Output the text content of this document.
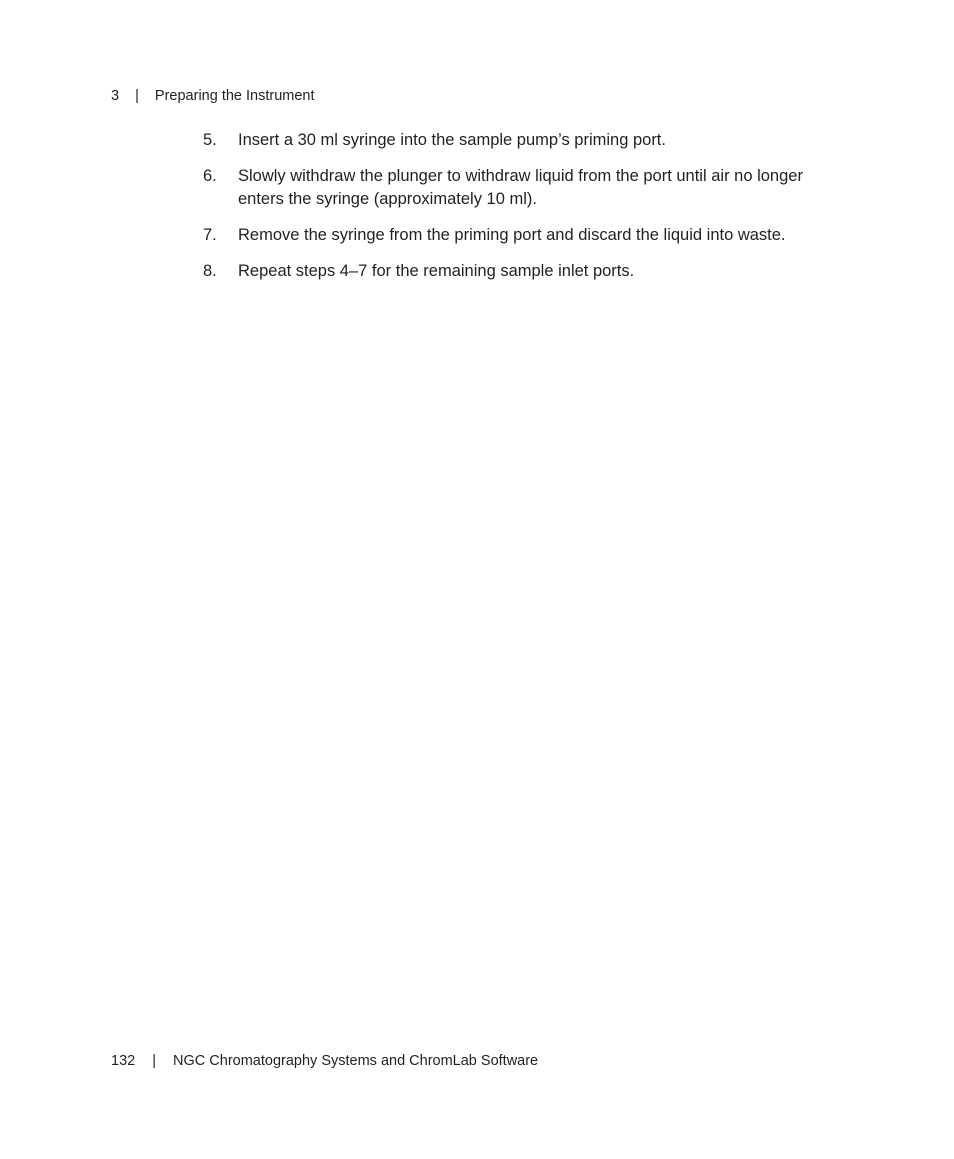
3 | Preparing the Instrument
5. Insert a 30 ml syringe into the sample pump’s priming port.
6. Slowly withdraw the plunger to withdraw liquid from the port until air no longer enters the syringe (approximately 10 ml).
7. Remove the syringe from the priming port and discard the liquid into waste.
8. Repeat steps 4–7 for the remaining sample inlet ports.
132 | NGC Chromatography Systems and ChromLab Software
